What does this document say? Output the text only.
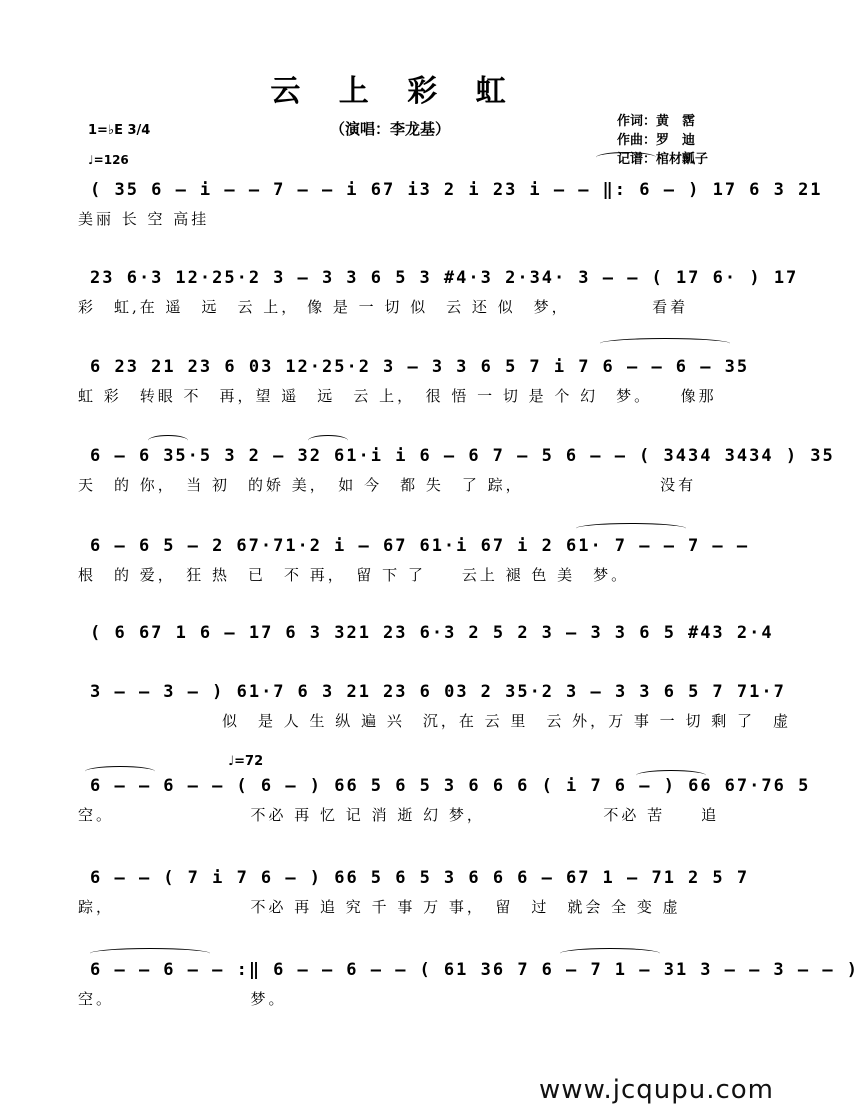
云 上 彩 虹
（演唱：李龙基）	作词：黄　霑
作曲：罗　迪
记谱：棺材瓤子
1=♭E 3/4
♩=126
( 35 6 – i – – 7 – – i 67 i3 2 i 23 i – – ‖: 6 – ) 17 6 3 21
美丽 长 空 高挂
23 6·3 12·25·2 3 – 3 3 6 5 3 #4·3 2·34· 3 – – ( 17 6· ) 17
彩　虹,在 遥　远　云 上， 像 是 一 切 似　云 还 似　梦，　　　　　看着
6 23 21 23 6 03 12·25·2 3 – 3 3 6 5 7 i 7 6 – – 6 – 35
虹 彩　转眼 不　再，望 遥　远　云 上，　很 悟 一 切 是 个 幻　梦。　　像那
6 – 6 35·5 3 2 – 32 61·i i 6 – 6 7 – 5 6 – – ( 3434 3434 ) 35
天　的 你，　当 初　的娇 美，　如 今　都 失　了 踪，　　　　　　　　没有
6 – 6 5 – 2 67·71·2 i – 67 61·i 67 i 2 61· 7 – – 7 – –
根　的 爱，　狂 热　已　不 再，　留 下 了　　云上 褪 色 美　梦。
( 6 67 1 6 – 17 6 3 321 23 6·3 2 5 2 3 – 3 3 6 5 #43 2·4
3 – – 3 – ) 61·7 6 3 21 23 6 03 2 35·2 3 – 3 3 6 5 7 71·7
　　　　　　　　似　是 人 生 纵 遍 兴　沉，在 云 里　云 外，万 事 一 切 剩 了　虚
6 – – 6 – – ( 6 – ) 66 5 6 5 3 6 6 6 ( i 7 6 – ) 66 67·76 5
空。　　　　　　　　不必 再 忆 记 消 逝 幻 梦，　　　　　　　不必 苦　　追
♩=72
6 – – ( 7 i 7 6 – ) 66 5 6 5 3 6 6 6 – 67 1 – 71 2 5 7
踪，　　　　　　　　不必 再 追 究 千 事 万 事，　留　过　就会 全 变 虚
6 – – 6 – – :‖ 6 – – 6 – – ( 61 36 7 6 – 7 1 – 31 3 – – 3 – – )
空。　　　　　　　　梦。
www.jcqupu.com
